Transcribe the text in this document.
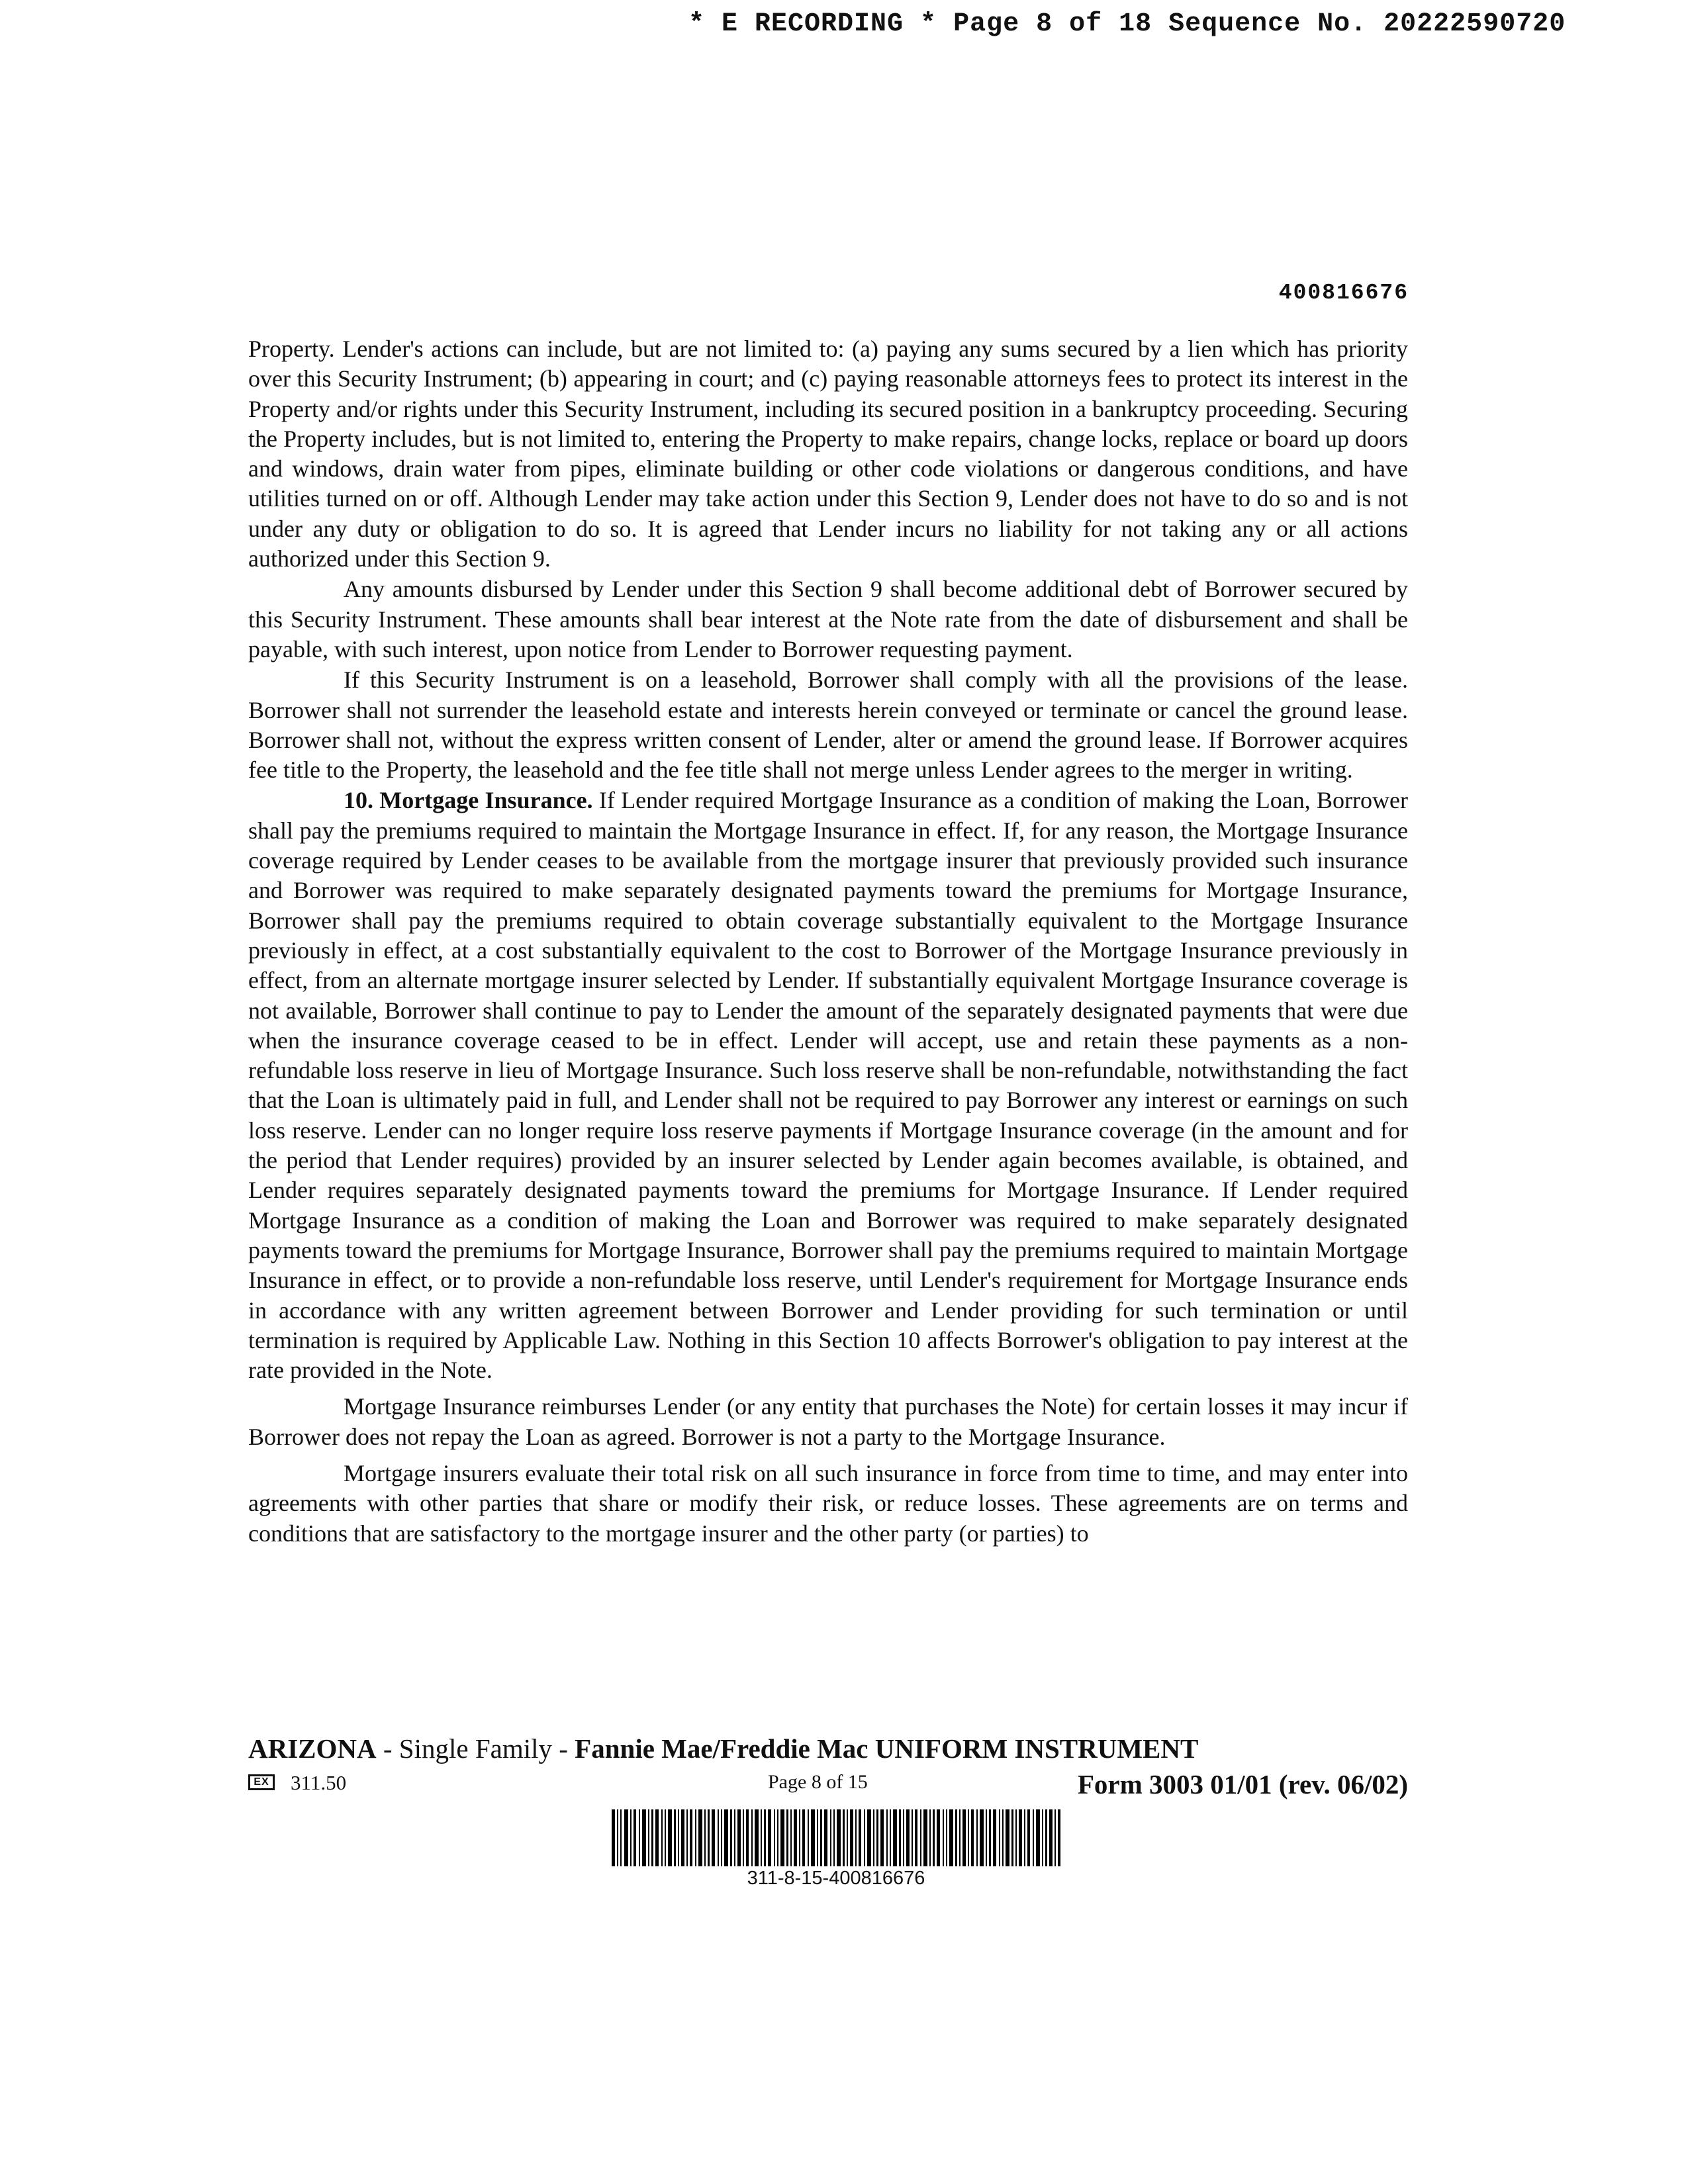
* E RECORDING * Page 8 of 18 Sequence No. 20222590720
400816676

Property. Lender's actions can include, but are not limited to: (a) paying any sums secured by a lien which has priority over this Security Instrument; (b) appearing in court; and (c) paying reasonable attorneys fees to protect its interest in the Property and/or rights under this Security Instrument, including its secured position in a bankruptcy proceeding. Securing the Property includes, but is not limited to, entering the Property to make repairs, change locks, replace or board up doors and windows, drain water from pipes, eliminate building or other code violations or dangerous conditions, and have utilities turned on or off. Although Lender may take action under this Section 9, Lender does not have to do so and is not under any duty or obligation to do so. It is agreed that Lender incurs no liability for not taking any or all actions authorized under this Section 9.

Any amounts disbursed by Lender under this Section 9 shall become additional debt of Borrower secured by this Security Instrument. These amounts shall bear interest at the Note rate from the date of disbursement and shall be payable, with such interest, upon notice from Lender to Borrower requesting payment.

If this Security Instrument is on a leasehold, Borrower shall comply with all the provisions of the lease. Borrower shall not surrender the leasehold estate and interests herein conveyed or terminate or cancel the ground lease. Borrower shall not, without the express written consent of Lender, alter or amend the ground lease. If Borrower acquires fee title to the Property, the leasehold and the fee title shall not merge unless Lender agrees to the merger in writing.

10. Mortgage Insurance. If Lender required Mortgage Insurance as a condition of making the Loan, Borrower shall pay the premiums required to maintain the Mortgage Insurance in effect. If, for any reason, the Mortgage Insurance coverage required by Lender ceases to be available from the mortgage insurer that previously provided such insurance and Borrower was required to make separately designated payments toward the premiums for Mortgage Insurance, Borrower shall pay the premiums required to obtain coverage substantially equivalent to the Mortgage Insurance previously in effect, at a cost substantially equivalent to the cost to Borrower of the Mortgage Insurance previously in effect, from an alternate mortgage insurer selected by Lender. If substantially equivalent Mortgage Insurance coverage is not available, Borrower shall continue to pay to Lender the amount of the separately designated payments that were due when the insurance coverage ceased to be in effect. Lender will accept, use and retain these payments as a non-refundable loss reserve in lieu of Mortgage Insurance. Such loss reserve shall be non-refundable, notwithstanding the fact that the Loan is ultimately paid in full, and Lender shall not be required to pay Borrower any interest or earnings on such loss reserve. Lender can no longer require loss reserve payments if Mortgage Insurance coverage (in the amount and for the period that Lender requires) provided by an insurer selected by Lender again becomes available, is obtained, and Lender requires separately designated payments toward the premiums for Mortgage Insurance. If Lender required Mortgage Insurance as a condition of making the Loan and Borrower was required to make separately designated payments toward the premiums for Mortgage Insurance, Borrower shall pay the premiums required to maintain Mortgage Insurance in effect, or to provide a non-refundable loss reserve, until Lender's requirement for Mortgage Insurance ends in accordance with any written agreement between Borrower and Lender providing for such termination or until termination is required by Applicable Law. Nothing in this Section 10 affects Borrower's obligation to pay interest at the rate provided in the Note.

Mortgage Insurance reimburses Lender (or any entity that purchases the Note) for certain losses it may incur if Borrower does not repay the Loan as agreed. Borrower is not a party to the Mortgage Insurance.

Mortgage insurers evaluate their total risk on all such insurance in force from time to time, and may enter into agreements with other parties that share or modify their risk, or reduce losses. These agreements are on terms and conditions that are satisfactory to the mortgage insurer and the other party (or parties) to

ARIZONA - Single Family - Fannie Mae/Freddie Mac UNIFORM INSTRUMENT
EX 311.50	Page 8 of 15	Form 3003 01/01 (rev. 06/02)
311-8-15-400816676
